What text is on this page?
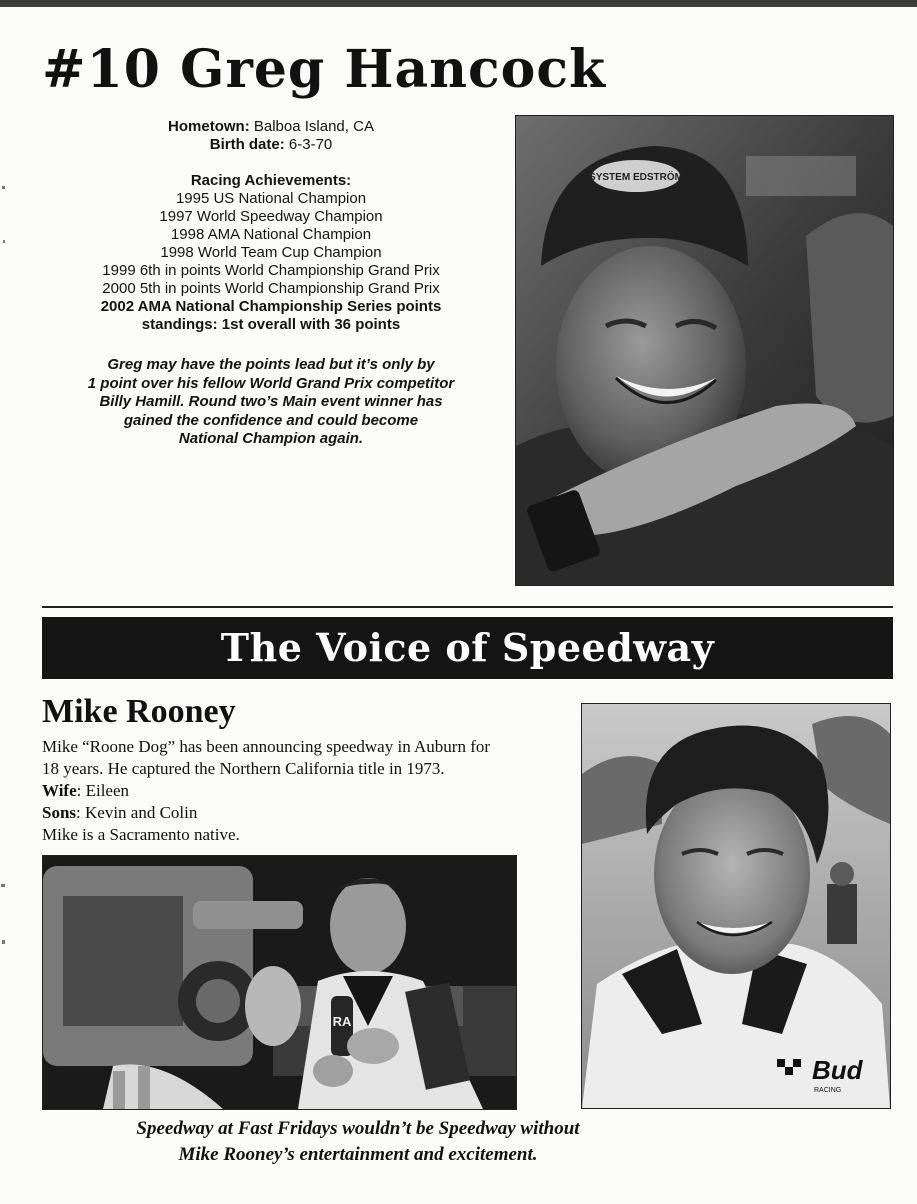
#10 Greg Hancock
Hometown: Balboa Island, CA
Birth date: 6-3-70
Racing Achievements:
1995 US National Champion
1997 World Speedway Champion
1998 AMA National Champion
1998 World Team Cup Champion
1999 6th in points World Championship Grand Prix
2000 5th in points World Championship Grand Prix
2002 AMA National Championship Series points
standings: 1st overall with 36 points
Greg may have the points lead but it’s only by
1 point over his fellow World Grand Prix competitor
Billy Hamill. Round two’s Main event winner has
gained the confidence and could become
National Champion again.
SYSTEM EDSTRÖM
The Voice of Speedway
Mike Rooney
Mike “Roone Dog” has been announcing speedway in Auburn for
18 years. He captured the Northern California title in 1973.
Wife: Eileen
Sons: Kevin and Colin
Mike is a Sacramento native.
RA
Bud
RACING
Speedway at Fast Fridays wouldn’t be Speedway without
Mike Rooney’s entertainment and excitement.
